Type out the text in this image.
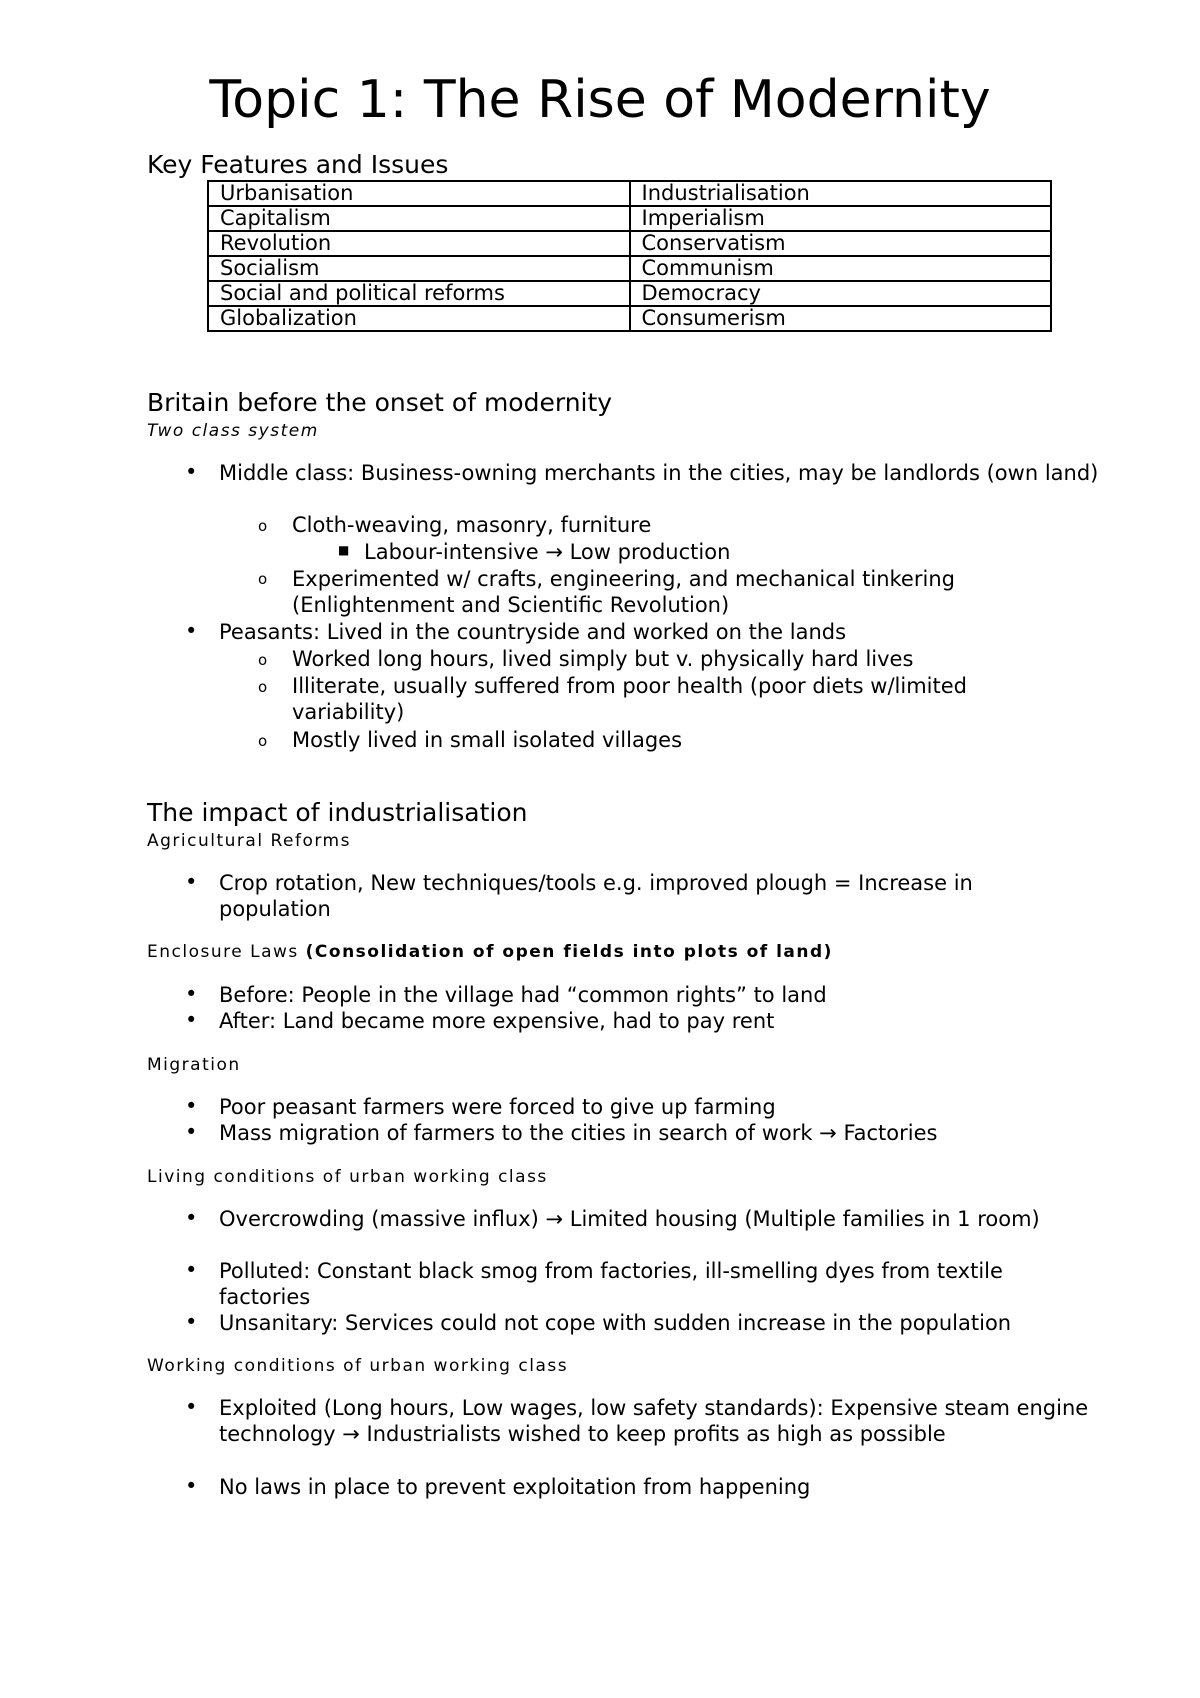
Topic 1: The Rise of Modernity
Key Features and Issues
Urbanisation	Industrialisation
Capitalism	Imperialism
Revolution	Conservatism
Socialism	Communism
Social and political reforms	Democracy
Globalization	Consumerism
Britain before the onset of modernity
Two class system
• Middle class: Business-owning merchants in the cities, may be landlords (own land)
o Cloth-weaving, masonry, furniture
■ Labour-intensive → Low production
o Experimented w/ crafts, engineering, and mechanical tinkering (Enlightenment and Scientific Revolution)
• Peasants: Lived in the countryside and worked on the lands
o Worked long hours, lived simply but v. physically hard lives
o Illiterate, usually suffered from poor health (poor diets w/limited variability)
o Mostly lived in small isolated villages
The impact of industrialisation
Agricultural Reforms
• Crop rotation, New techniques/tools e.g. improved plough = Increase in population
Enclosure Laws (Consolidation of open fields into plots of land)
• Before: People in the village had “common rights” to land
• After: Land became more expensive, had to pay rent
Migration
• Poor peasant farmers were forced to give up farming
• Mass migration of farmers to the cities in search of work → Factories
Living conditions of urban working class
• Overcrowding (massive influx) → Limited housing (Multiple families in 1 room)
• Polluted: Constant black smog from factories, ill-smelling dyes from textile factories
• Unsanitary: Services could not cope with sudden increase in the population
Working conditions of urban working class
• Exploited (Long hours, Low wages, low safety standards): Expensive steam engine technology → Industrialists wished to keep profits as high as possible
• No laws in place to prevent exploitation from happening
